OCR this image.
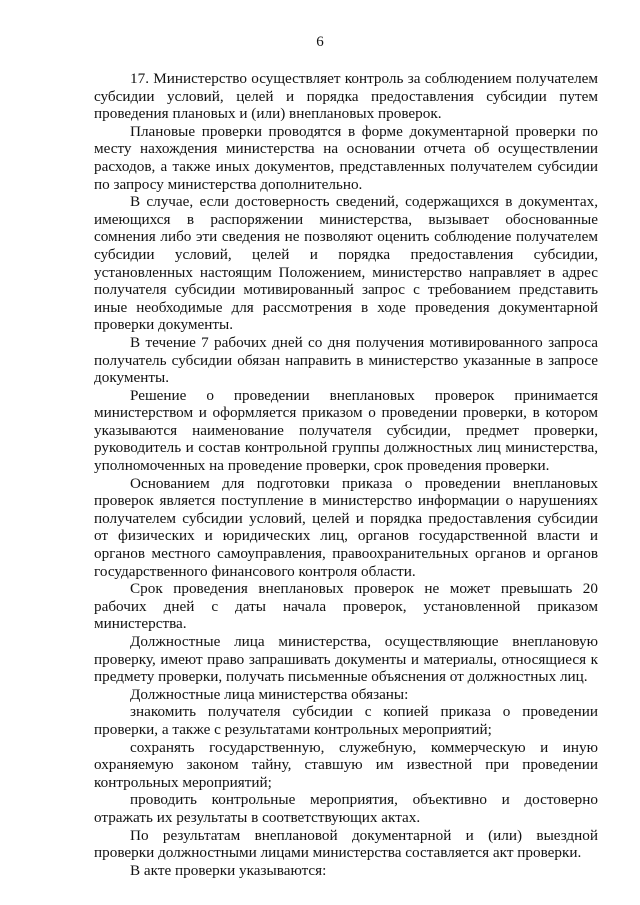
6

17. Министерство осуществляет контроль за соблюдением получателем субсидии условий, целей и порядка предоставления субсидии путем проведения плановых и (или) внеплановых проверок.

Плановые проверки проводятся в форме документарной проверки по месту нахождения министерства на основании отчета об осуществлении расходов, а также иных документов, представленных получателем субсидии по запросу министерства дополнительно.

В случае, если достоверность сведений, содержащихся в документах, имеющихся в распоряжении министерства, вызывает обоснованные сомнения либо эти сведения не позволяют оценить соблюдение получателем субсидии условий, целей и порядка предоставления субсидии, установленных настоящим Положением, министерство направляет в адрес получателя субсидии мотивированный запрос с требованием представить иные необходимые для рассмотрения в ходе проведения документарной проверки документы.

В течение 7 рабочих дней со дня получения мотивированного запроса получатель субсидии обязан направить в министерство указанные в запросе документы.

Решение о проведении внеплановых проверок принимается министерством и оформляется приказом о проведении проверки, в котором указываются наименование получателя субсидии, предмет проверки, руководитель и состав контрольной группы должностных лиц министерства, уполномоченных на проведение проверки, срок проведения проверки.

Основанием для подготовки приказа о проведении внеплановых проверок является поступление в министерство информации о нарушениях получателем субсидии условий, целей и порядка предоставления субсидии от физических и юридических лиц, органов государственной власти и органов местного самоуправления, правоохранительных органов и органов государственного финансового контроля области.

Срок проведения внеплановых проверок не может превышать 20 рабочих дней с даты начала проверок, установленной приказом министерства.

Должностные лица министерства, осуществляющие внеплановую проверку, имеют право запрашивать документы и материалы, относящиеся к предмету проверки, получать письменные объяснения от должностных лиц.

Должностные лица министерства обязаны:

знакомить получателя субсидии с копией приказа о проведении проверки, а также с результатами контрольных мероприятий;

сохранять государственную, служебную, коммерческую и иную охраняемую законом тайну, ставшую им известной при проведении контрольных мероприятий;

проводить контрольные мероприятия, объективно и достоверно отражать их результаты в соответствующих актах.

По результатам внеплановой документарной и (или) выездной проверки должностными лицами министерства составляется акт проверки.

В акте проверки указываются:
